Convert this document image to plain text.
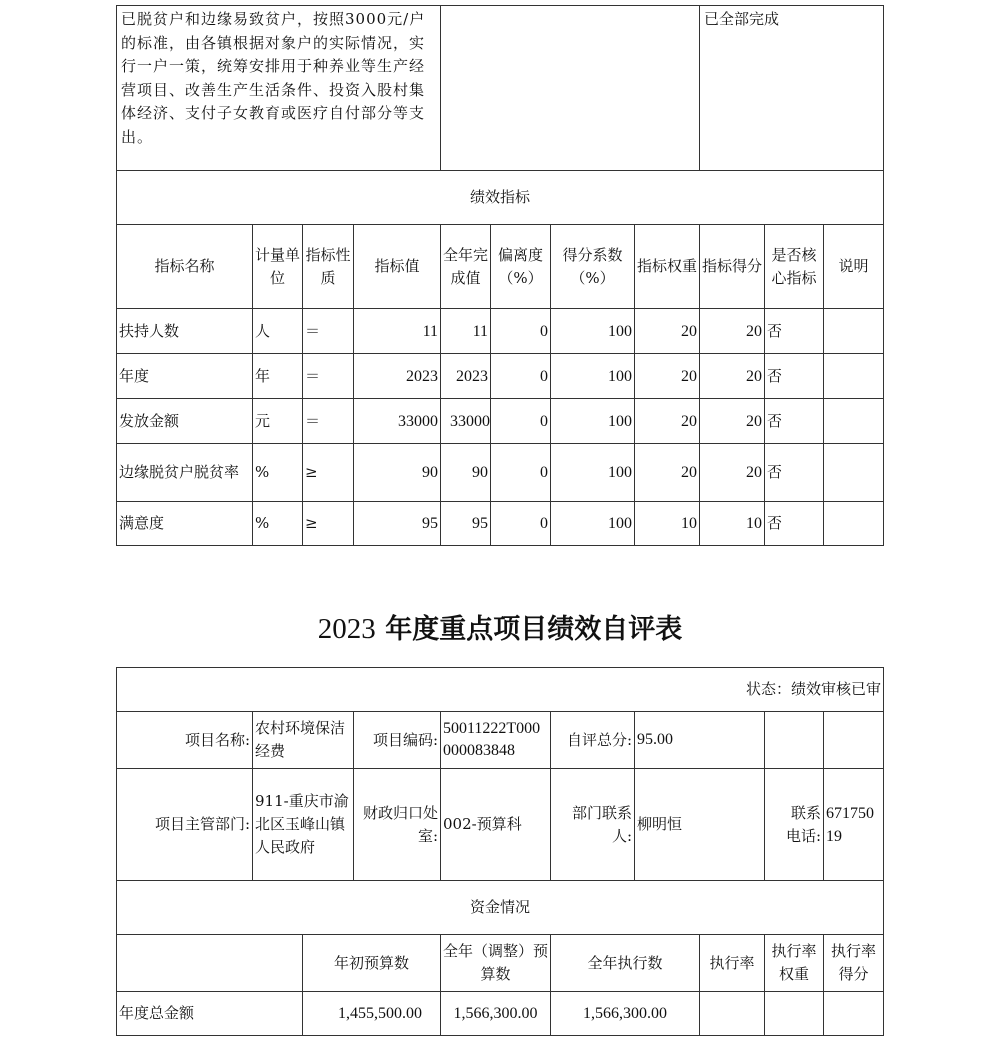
已脱贫户和边缘易致贫户，按照3000元/户的标准，由各镇根据对象户的实际情况，实行一户一策，统筹安排用于种养业等生产经营项目、改善生产生活条件、投资入股村集体经济、支付子女教育或医疗自付部分等支出。								已全部完成		
绩效指标										
指标名称	计量单位	指标性质	指标值	全年完成值	偏离度（%）	得分系数（%）	指标权重	指标得分	是否核心指标	说明
扶持人数	人	＝	11	11	0	100	20	20	否	
年度	年	＝	2023	2023	0	100	20	20	否	
发放金额	元	＝	33000	33000	0	100	20	20	否	
边缘脱贫户脱贫率	%	≥	90	90	0	100	20	20	否	
满意度	%	≥	95	95	0	100	10	10	否	
2023 年度重点项目绩效自评表
状态：绩效审核已审									
项目名称:	农村环境保洁经费		项目编码:	50011222T000000083848	自评总分:	95.00			
项目主管部门:	911-重庆市渝北区玉峰山镇人民政府		财政归口处室:	002-预算科	部门联系人:	柳明恒		联系电话:	67175019
资金情况									
		年初预算数		全年（调整）预算数	全年执行数		执行率	执行率权重	执行率得分
年度总金额		1,455,500.00		1,566,300.00	1,566,300.00				
